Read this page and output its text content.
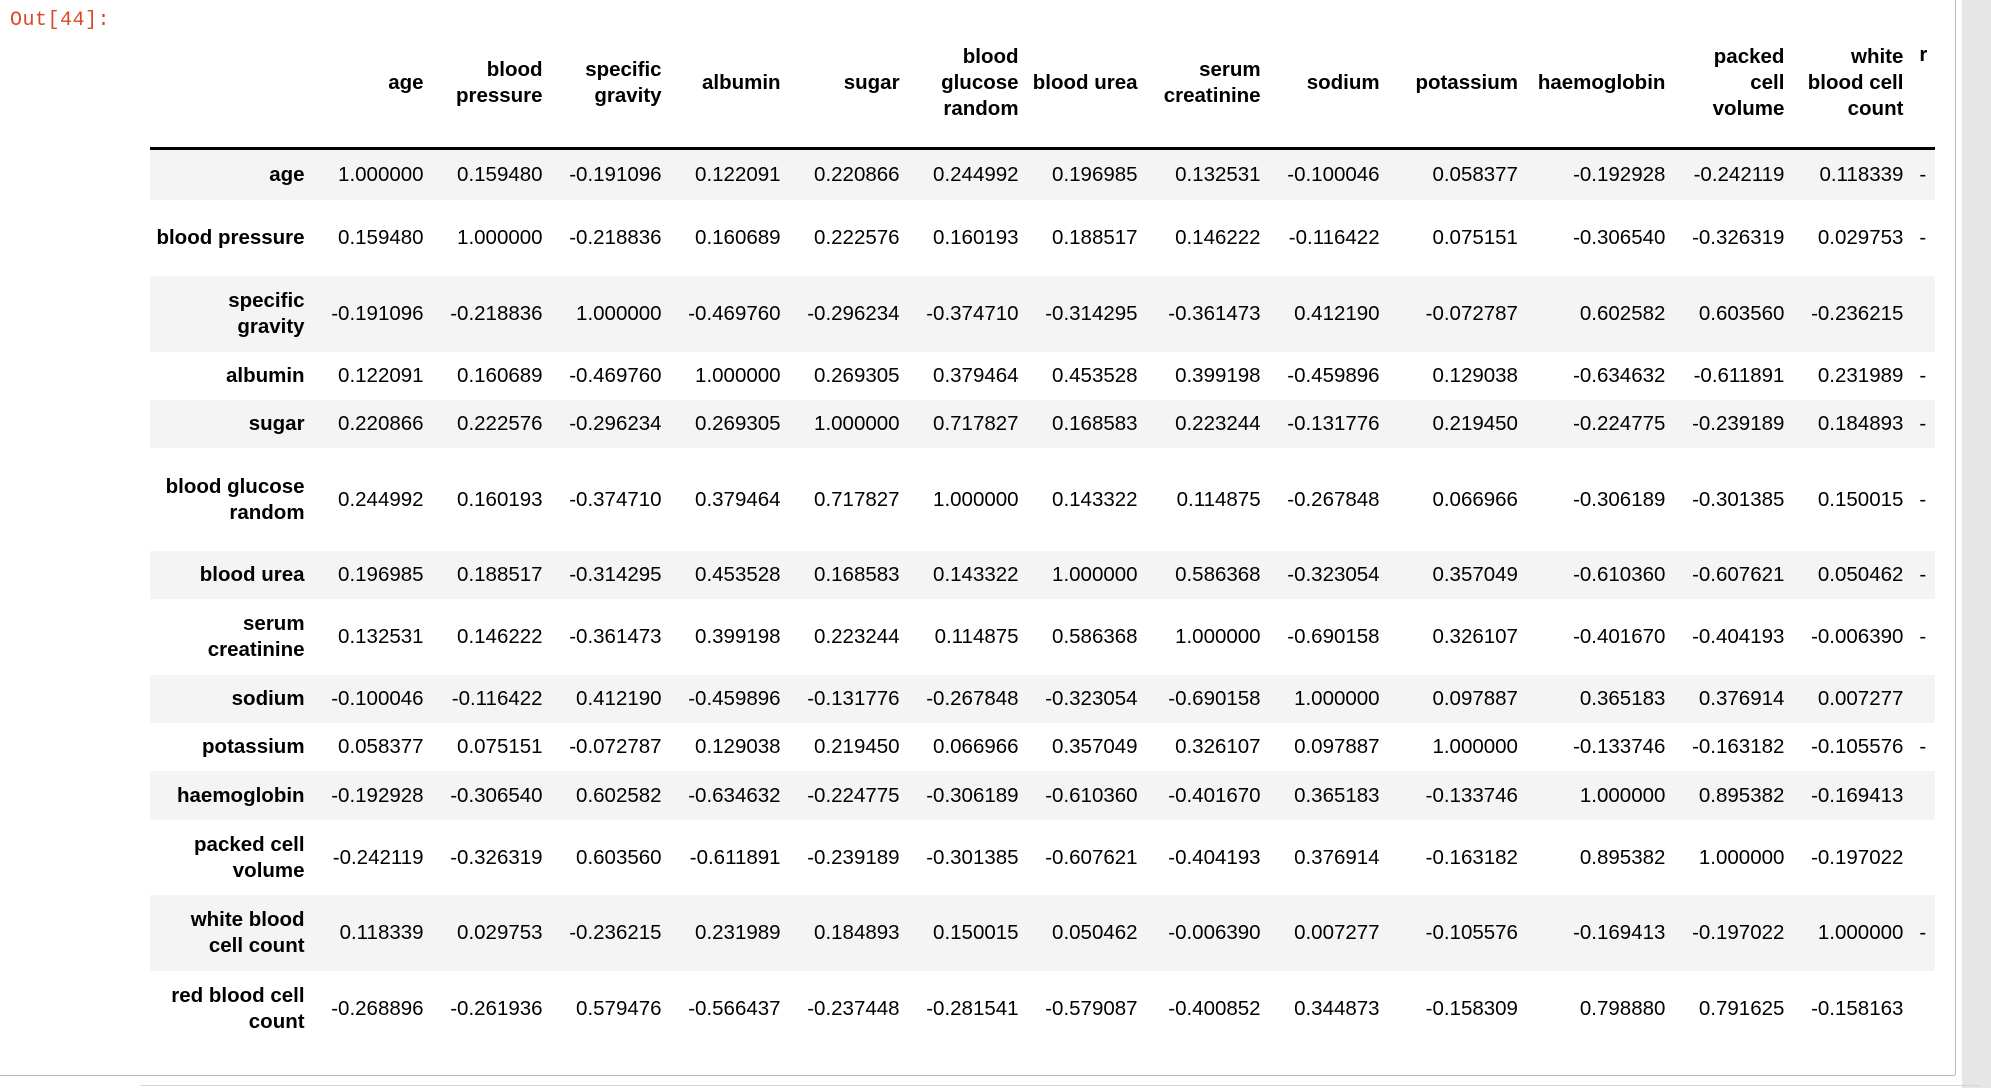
Out[44]:
	age	blood pressure	specific gravity	albumin	sugar	blood glucose random	blood urea	serum creatinine	sodium	potassium	haemoglobin	packed cell volume	white blood cell count	r
age	1.000000	0.159480	-0.191096	0.122091	0.220866	0.244992	0.196985	0.132531	-0.100046	0.058377	-0.192928	-0.242119	0.118339	-
blood pressure	0.159480	1.000000	-0.218836	0.160689	0.222576	0.160193	0.188517	0.146222	-0.116422	0.075151	-0.306540	-0.326319	0.029753	-
specific gravity	-0.191096	-0.218836	1.000000	-0.469760	-0.296234	-0.374710	-0.314295	-0.361473	0.412190	-0.072787	0.602582	0.603560	-0.236215	
albumin	0.122091	0.160689	-0.469760	1.000000	0.269305	0.379464	0.453528	0.399198	-0.459896	0.129038	-0.634632	-0.611891	0.231989	-
sugar	0.220866	0.222576	-0.296234	0.269305	1.000000	0.717827	0.168583	0.223244	-0.131776	0.219450	-0.224775	-0.239189	0.184893	-
blood glucose random	0.244992	0.160193	-0.374710	0.379464	0.717827	1.000000	0.143322	0.114875	-0.267848	0.066966	-0.306189	-0.301385	0.150015	-
blood urea	0.196985	0.188517	-0.314295	0.453528	0.168583	0.143322	1.000000	0.586368	-0.323054	0.357049	-0.610360	-0.607621	0.050462	-
serum creatinine	0.132531	0.146222	-0.361473	0.399198	0.223244	0.114875	0.586368	1.000000	-0.690158	0.326107	-0.401670	-0.404193	-0.006390	-
sodium	-0.100046	-0.116422	0.412190	-0.459896	-0.131776	-0.267848	-0.323054	-0.690158	1.000000	0.097887	0.365183	0.376914	0.007277	
potassium	0.058377	0.075151	-0.072787	0.129038	0.219450	0.066966	0.357049	0.326107	0.097887	1.000000	-0.133746	-0.163182	-0.105576	-
haemoglobin	-0.192928	-0.306540	0.602582	-0.634632	-0.224775	-0.306189	-0.610360	-0.401670	0.365183	-0.133746	1.000000	0.895382	-0.169413	
packed cell volume	-0.242119	-0.326319	0.603560	-0.611891	-0.239189	-0.301385	-0.607621	-0.404193	0.376914	-0.163182	0.895382	1.000000	-0.197022	
white blood cell count	0.118339	0.029753	-0.236215	0.231989	0.184893	0.150015	0.050462	-0.006390	0.007277	-0.105576	-0.169413	-0.197022	1.000000	-
red blood cell count	-0.268896	-0.261936	0.579476	-0.566437	-0.237448	-0.281541	-0.579087	-0.400852	0.344873	-0.158309	0.798880	0.791625	-0.158163	
